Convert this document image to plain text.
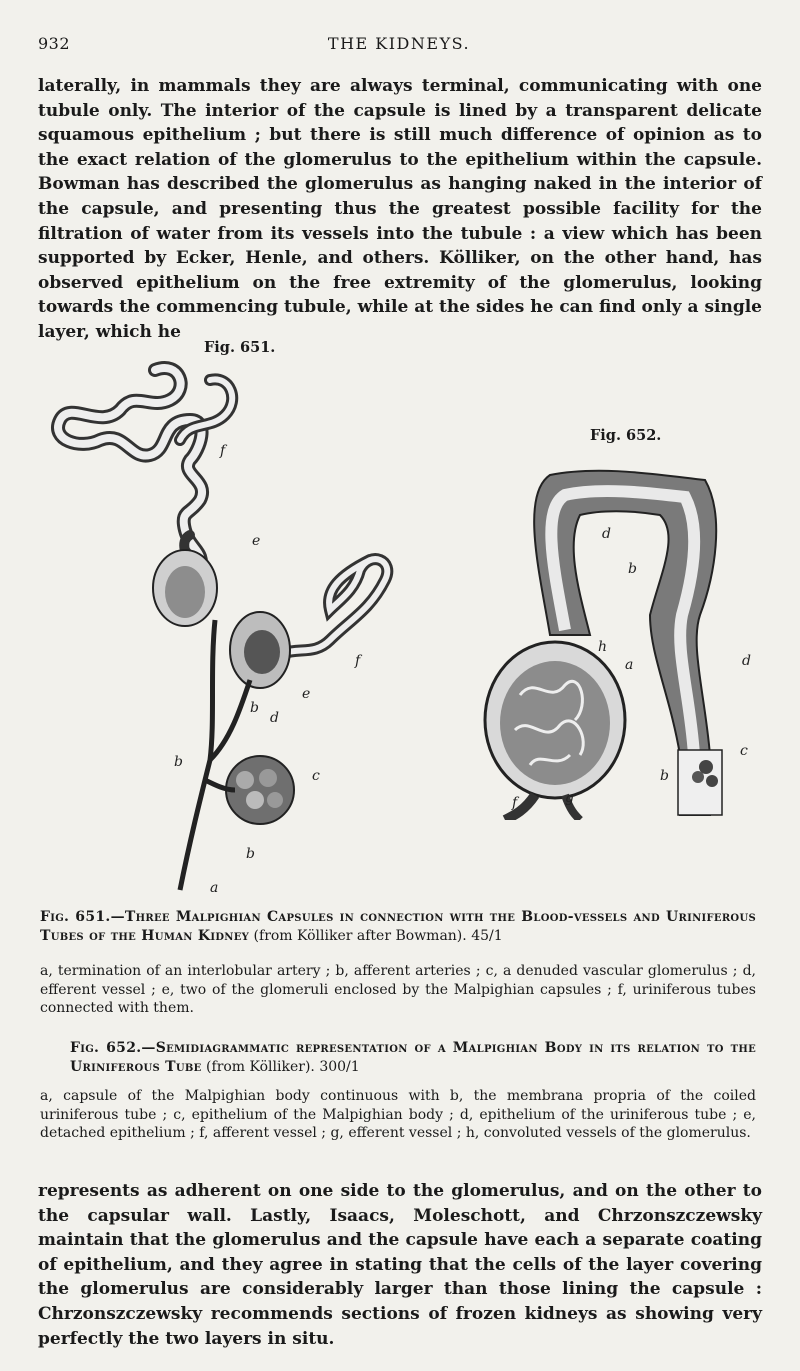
932	THE KIDNEYS.
laterally, in mammals they are always terminal, communicating with one tubule only. The interior of the capsule is lined by a transparent delicate squamous epithelium ; but there is still much difference of opinion as to the exact relation of the glomerulus to the epithelium within the capsule. Bowman has described the glomerulus as hanging naked in the interior of the capsule, and presenting thus the greatest possible facility for the filtration of water from its vessels into the tubule : a view which has been supported by Ecker, Henle, and others. Kölliker, on the other hand, has observed epithelium on the free extremity of the glomerulus, looking towards the commencing tubule, while at the sides he can find only a single layer, which he
Fig. 651.
f
e
f
e
b
d
b
c
b
a
Fig. 652.
d
b
h
a	d
c
b
f	g
Fig. 651.—Three Malpighian Capsules in connection with the Blood-vessels and Uriniferous Tubes of the Human Kidney (from Kölliker after Bowman). 45/1
a, termination of an interlobular artery ; b, afferent arteries ; c, a denuded vascular glomerulus ; d, efferent vessel ; e, two of the glomeruli enclosed by the Malpighian capsules ; f, uriniferous tubes connected with them.
Fig. 652.—Semidiagrammatic representation of a Malpighian Body in its relation to the Uriniferous Tube (from Kölliker). 300/1
a, capsule of the Malpighian body continuous with b, the membrana propria of the coiled uriniferous tube ; c, epithelium of the Malpighian body ; d, epithelium of the uriniferous tube ; e, detached epithelium ; f, afferent vessel ; g, efferent vessel ; h, convoluted vessels of the glomerulus.
represents as adherent on one side to the glomerulus, and on the other to the capsular wall. Lastly, Isaacs, Moleschott, and Chrzonszczewsky maintain that the glomerulus and the capsule have each a separate coating of epithelium, and they agree in stating that the cells of the layer covering the glomerulus are considerably larger than those lining the capsule : Chrzonszczewsky recommends sections of frozen kidneys as showing very perfectly the two layers in situ.
